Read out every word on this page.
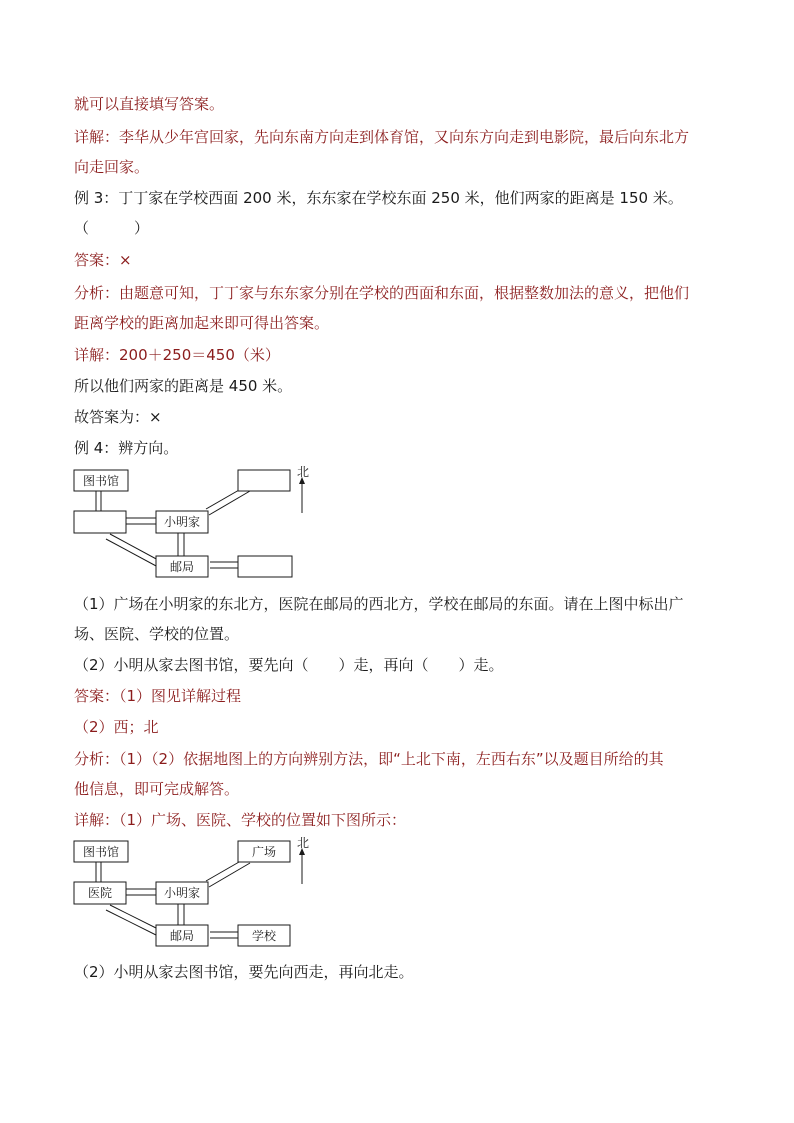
就可以直接填写答案。
详解：李华从少年宫回家，先向东南方向走到体育馆，又向东方向走到电影院，最后向东北方
向走回家。
例 3：丁丁家在学校西面 200 米，东东家在学校东面 250 米，他们两家的距离是 150 米。
（　　　）
答案：×
分析：由题意可知，丁丁家与东东家分别在学校的西面和东面，根据整数加法的意义，把他们
距离学校的距离加起来即可得出答案。
详解：200＋250＝450（米）
所以他们两家的距离是 450 米。
故答案为：×
例 4：辨方向。
图书馆
小明家
邮局
北
（1）广场在小明家的东北方，医院在邮局的西北方，学校在邮局的东面。请在上图中标出广
场、医院、学校的位置。
（2）小明从家去图书馆，要先向（　　）走，再向（　　）走。
答案：（1）图见详解过程
（2）西；北
分析：（1）（2）依据地图上的方向辨别方法，即“上北下南，左西右东”以及题目所给的其
他信息，即可完成解答。
详解：（1）广场、医院、学校的位置如下图所示：
图书馆
医院	小明家
广场
邮局	学校
北
（2）小明从家去图书馆，要先向西走，再向北走。
